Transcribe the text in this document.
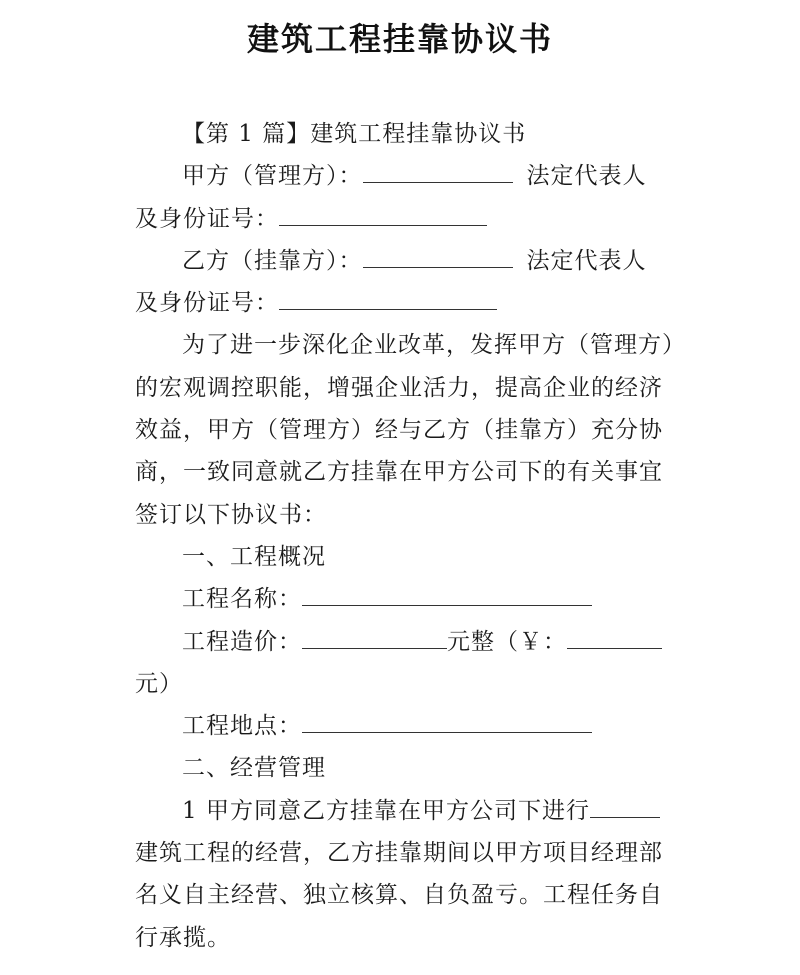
建筑工程挂靠协议书
【第 1 篇】建筑工程挂靠协议书
甲方（管理方）：	法定代表人
及身份证号：
乙方（挂靠方）：	法定代表人
及身份证号：
为了进一步深化企业改革，发挥甲方（管理方）
的宏观调控职能，增强企业活力，提高企业的经济
效益，甲方（管理方）经与乙方（挂靠方）充分协
商，一致同意就乙方挂靠在甲方公司下的有关事宜
签订以下协议书：
一、工程概况
工程名称：
工程造价：	元整（￥：
元）
工程地点：
二、经营管理
1 甲方同意乙方挂靠在甲方公司下进行
建筑工程的经营，乙方挂靠期间以甲方项目经理部
名义自主经营、独立核算、自负盈亏。工程任务自
行承揽。
